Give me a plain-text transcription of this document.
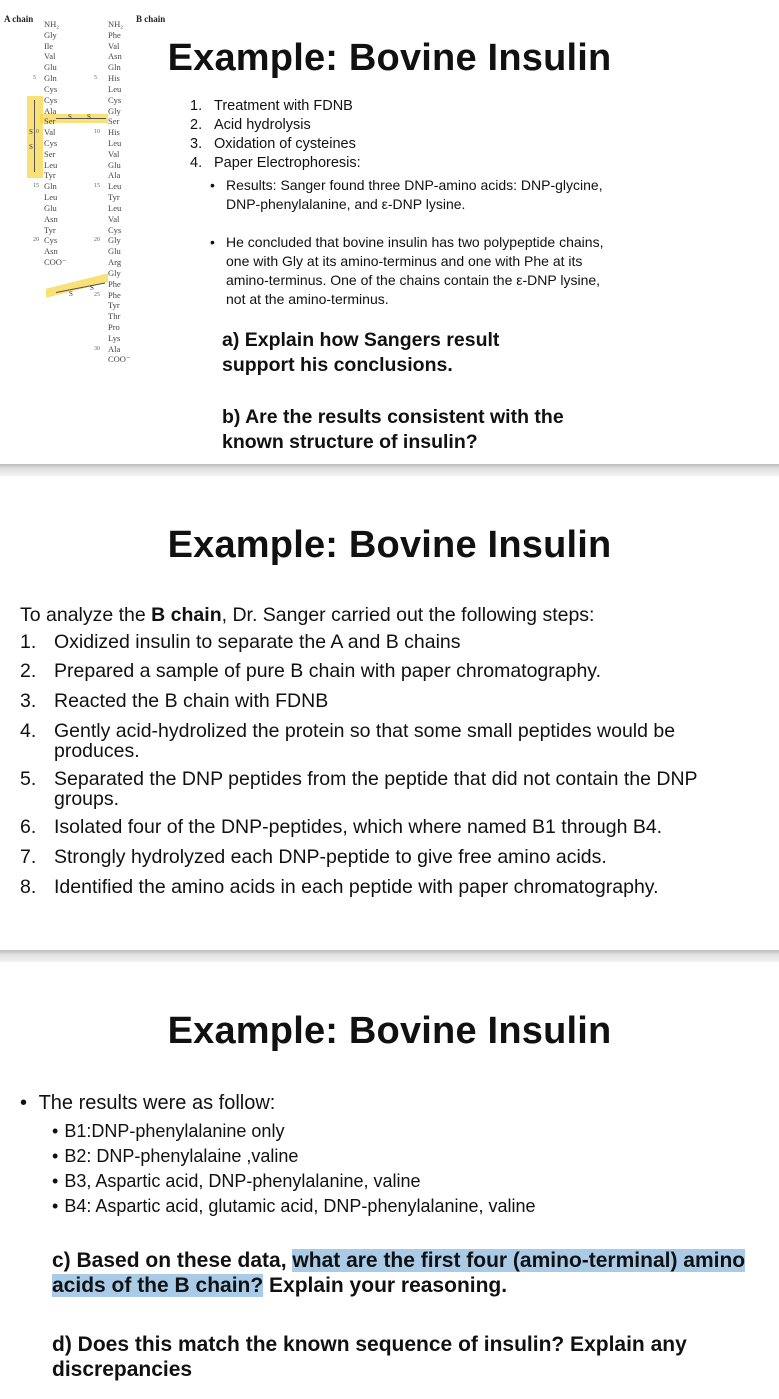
A chain	B chain
S
S
S S
S
S
NH₂
Gly
Ile
Val
Glu
Gln
Cys
Cys
Ala
Ser
Val
Cys
Ser
Leu
Tyr
Gln
Leu
Glu
Asn
Tyr
Cys
Asn
COO⁻
NH₂
Phe
Val
Asn
Gln
His
Leu
Cys
Gly
Ser
His
Leu
Val
Glu
Ala
Leu
Tyr
Leu
Val
Cys
Gly
Glu
Arg
Gly
Phe
Phe
Tyr
Thr
Pro
Lys
Ala
COO⁻
5
10
15
20
5
10
15
20
25
30
Example: Bovine Insulin
1. Treatment with FDNB
2. Acid hydrolysis
3. Oxidation of cysteines
4. Paper Electrophoresis:
• Results: Sanger found three DNP-amino acids: DNP-glycine, DNP-phenylalanine, and ε-DNP lysine.
• He concluded that bovine insulin has two polypeptide chains, one with Gly at its amino-terminus and one with Phe at its amino-terminus. One of the chains contain the ε-DNP lysine, not at the amino-terminus.
a) Explain how Sangers result support his conclusions.
b) Are the results consistent with the known structure of insulin?
Example: Bovine Insulin
To analyze the B chain, Dr. Sanger carried out the following steps:
1. Oxidized insulin to separate the A and B chains
2. Prepared a sample of pure B chain with paper chromatography.
3. Reacted the B chain with FDNB
4. Gently acid-hydrolized the protein so that some small peptides would be produces.
5. Separated the DNP peptides from the peptide that did not contain the DNP groups.
6. Isolated four of the DNP-peptides, which where named B1 through B4.
7. Strongly hydrolyzed each DNP-peptide to give free amino acids.
8. Identified the amino acids in each peptide with paper chromatography.
Example: Bovine Insulin
• The results were as follow:
• B1:DNP-phenylalanine only
• B2: DNP-phenylalaine ,valine
• B3, Aspartic acid, DNP-phenylalanine, valine
• B4: Aspartic acid, glutamic acid, DNP-phenylalanine, valine
c) Based on these data, what are the first four (amino-terminal) amino acids of the B chain? Explain your reasoning.
d) Does this match the known sequence of insulin? Explain any discrepancies
